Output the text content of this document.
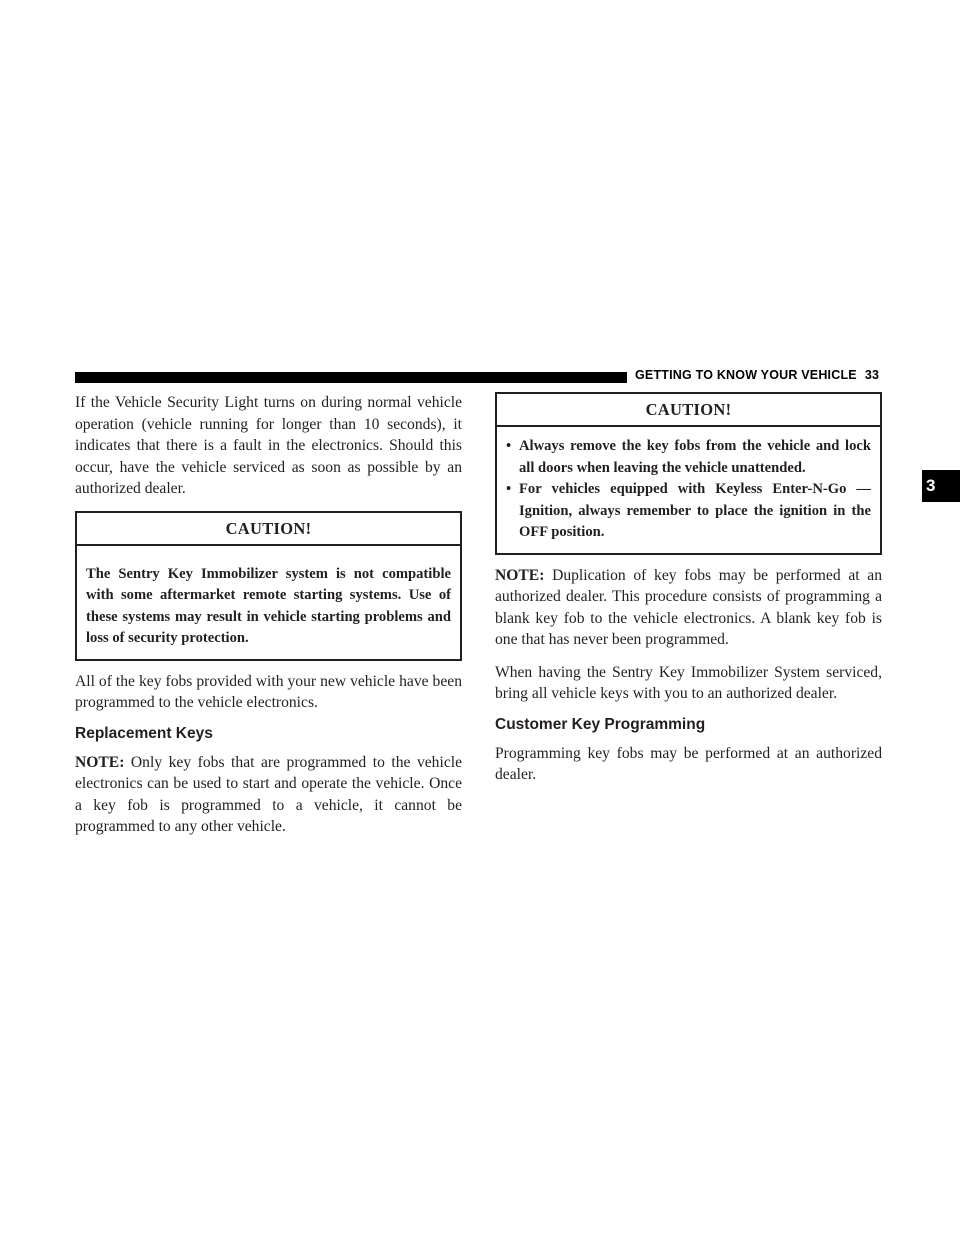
GETTING TO KNOW YOUR VEHICLE 33
3

If the Vehicle Security Light turns on during normal vehicle operation (vehicle running for longer than 10 seconds), it indicates that there is a fault in the electronics. Should this occur, have the vehicle serviced as soon as possible by an authorized dealer.

CAUTION!
The Sentry Key Immobilizer system is not compatible with some aftermarket remote starting systems. Use of these systems may result in vehicle starting problems and loss of security protection.

All of the key fobs provided with your new vehicle have been programmed to the vehicle electronics.

Replacement Keys

NOTE: Only key fobs that are programmed to the vehicle electronics can be used to start and operate the vehicle. Once a key fob is programmed to a vehicle, it cannot be programmed to any other vehicle.

CAUTION!
• Always remove the key fobs from the vehicle and lock all doors when leaving the vehicle unattended.
• For vehicles equipped with Keyless Enter-N-Go — Ignition, always remember to place the ignition in the OFF position.

NOTE: Duplication of key fobs may be performed at an authorized dealer. This procedure consists of programming a blank key fob to the vehicle electronics. A blank key fob is one that has never been programmed.

When having the Sentry Key Immobilizer System serviced, bring all vehicle keys with you to an authorized dealer.

Customer Key Programming

Programming key fobs may be performed at an authorized dealer.
